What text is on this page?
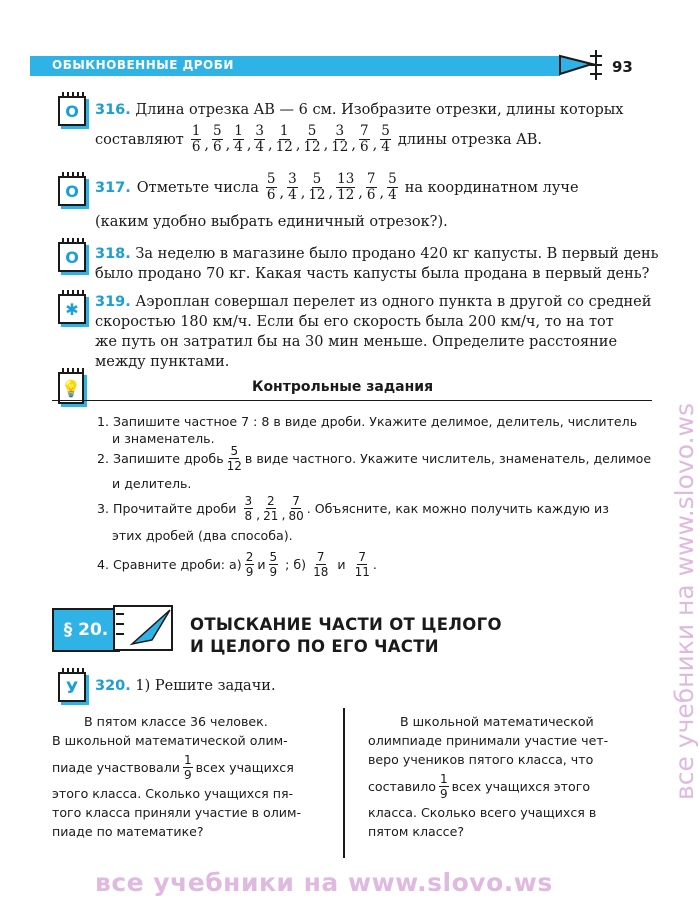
ОБЫКНОВЕННЫЕ ДРОБИ	93
О	316. Длина отрезка AB — 6 см. Изобразите отрезки, длины которых
составляют $\frac{1}{6}$ , $\frac{5}{6}$ , $\frac{1}{4}$ , $\frac{3}{4}$ , $\frac{1}{12}$ , $\frac{5}{12}$ , $\frac{3}{12}$ , $\frac{7}{6}$ , $\frac{5}{4}$ длины отрезка AB.
О	317. Отметьте числа $\frac{5}{6}$ , $\frac{3}{4}$ , $\frac{5}{12}$ , $\frac{13}{12}$ , $\frac{7}{6}$ , $\frac{5}{4}$ на координатном луче
(каким удобно выбрать единичный отрезок?).
О	318. За неделю в магазине было продано 420 кг капусты. В первый день
было продано 70 кг. Какая часть капусты была продана в первый день?
✱	319. Аэроплан совершал перелет из одного пункта в другой со средней
скоростью 180 км/ч. Если бы его скорость была 200 км/ч, то на тот
же путь он затратил бы на 30 мин меньше. Определите расстояние
между пунктами.
💡	Контрольные задания
1. Запишите частное 7 : 8 в виде дроби. Укажите делимое, делитель, числитель
и знаменатель.
2. Запишите дробь 5
12 в виде частного. Укажите числитель, знаменатель, делимое
и делитель.
3. Прочитайте дроби 3
8 ,
2
21 ,
7
80 . Объясните, как можно получить каждую из
этих дробей (два способа).
4. Сравните дроби: а) 2
9 и 5
9 ; б) 7
18 и 7
11 .
§ 20.	ОТЫСКАНИЕ ЧАСТИ ОТ ЦЕЛОГО
И ЦЕЛОГО ПО ЕГО ЧАСТИ
У 320. 1) Решите задачи.
В пятом классе 36 человек.
В школьной математической олим-
пиаде участвовали 1
9 всех учащихся
этого класса. Сколько учащихся пя-
того класса приняли участие в олим-
пиаде по математике?
В школьной математической
олимпиаде принимали участие чет-
веро учеников пятого класса, что
составило 1
9 всех учащихся этого
класса. Сколько всего учащихся в
пятом классе?
все учебники на www.slovo.ws
все учебники на www.slovo.ws
